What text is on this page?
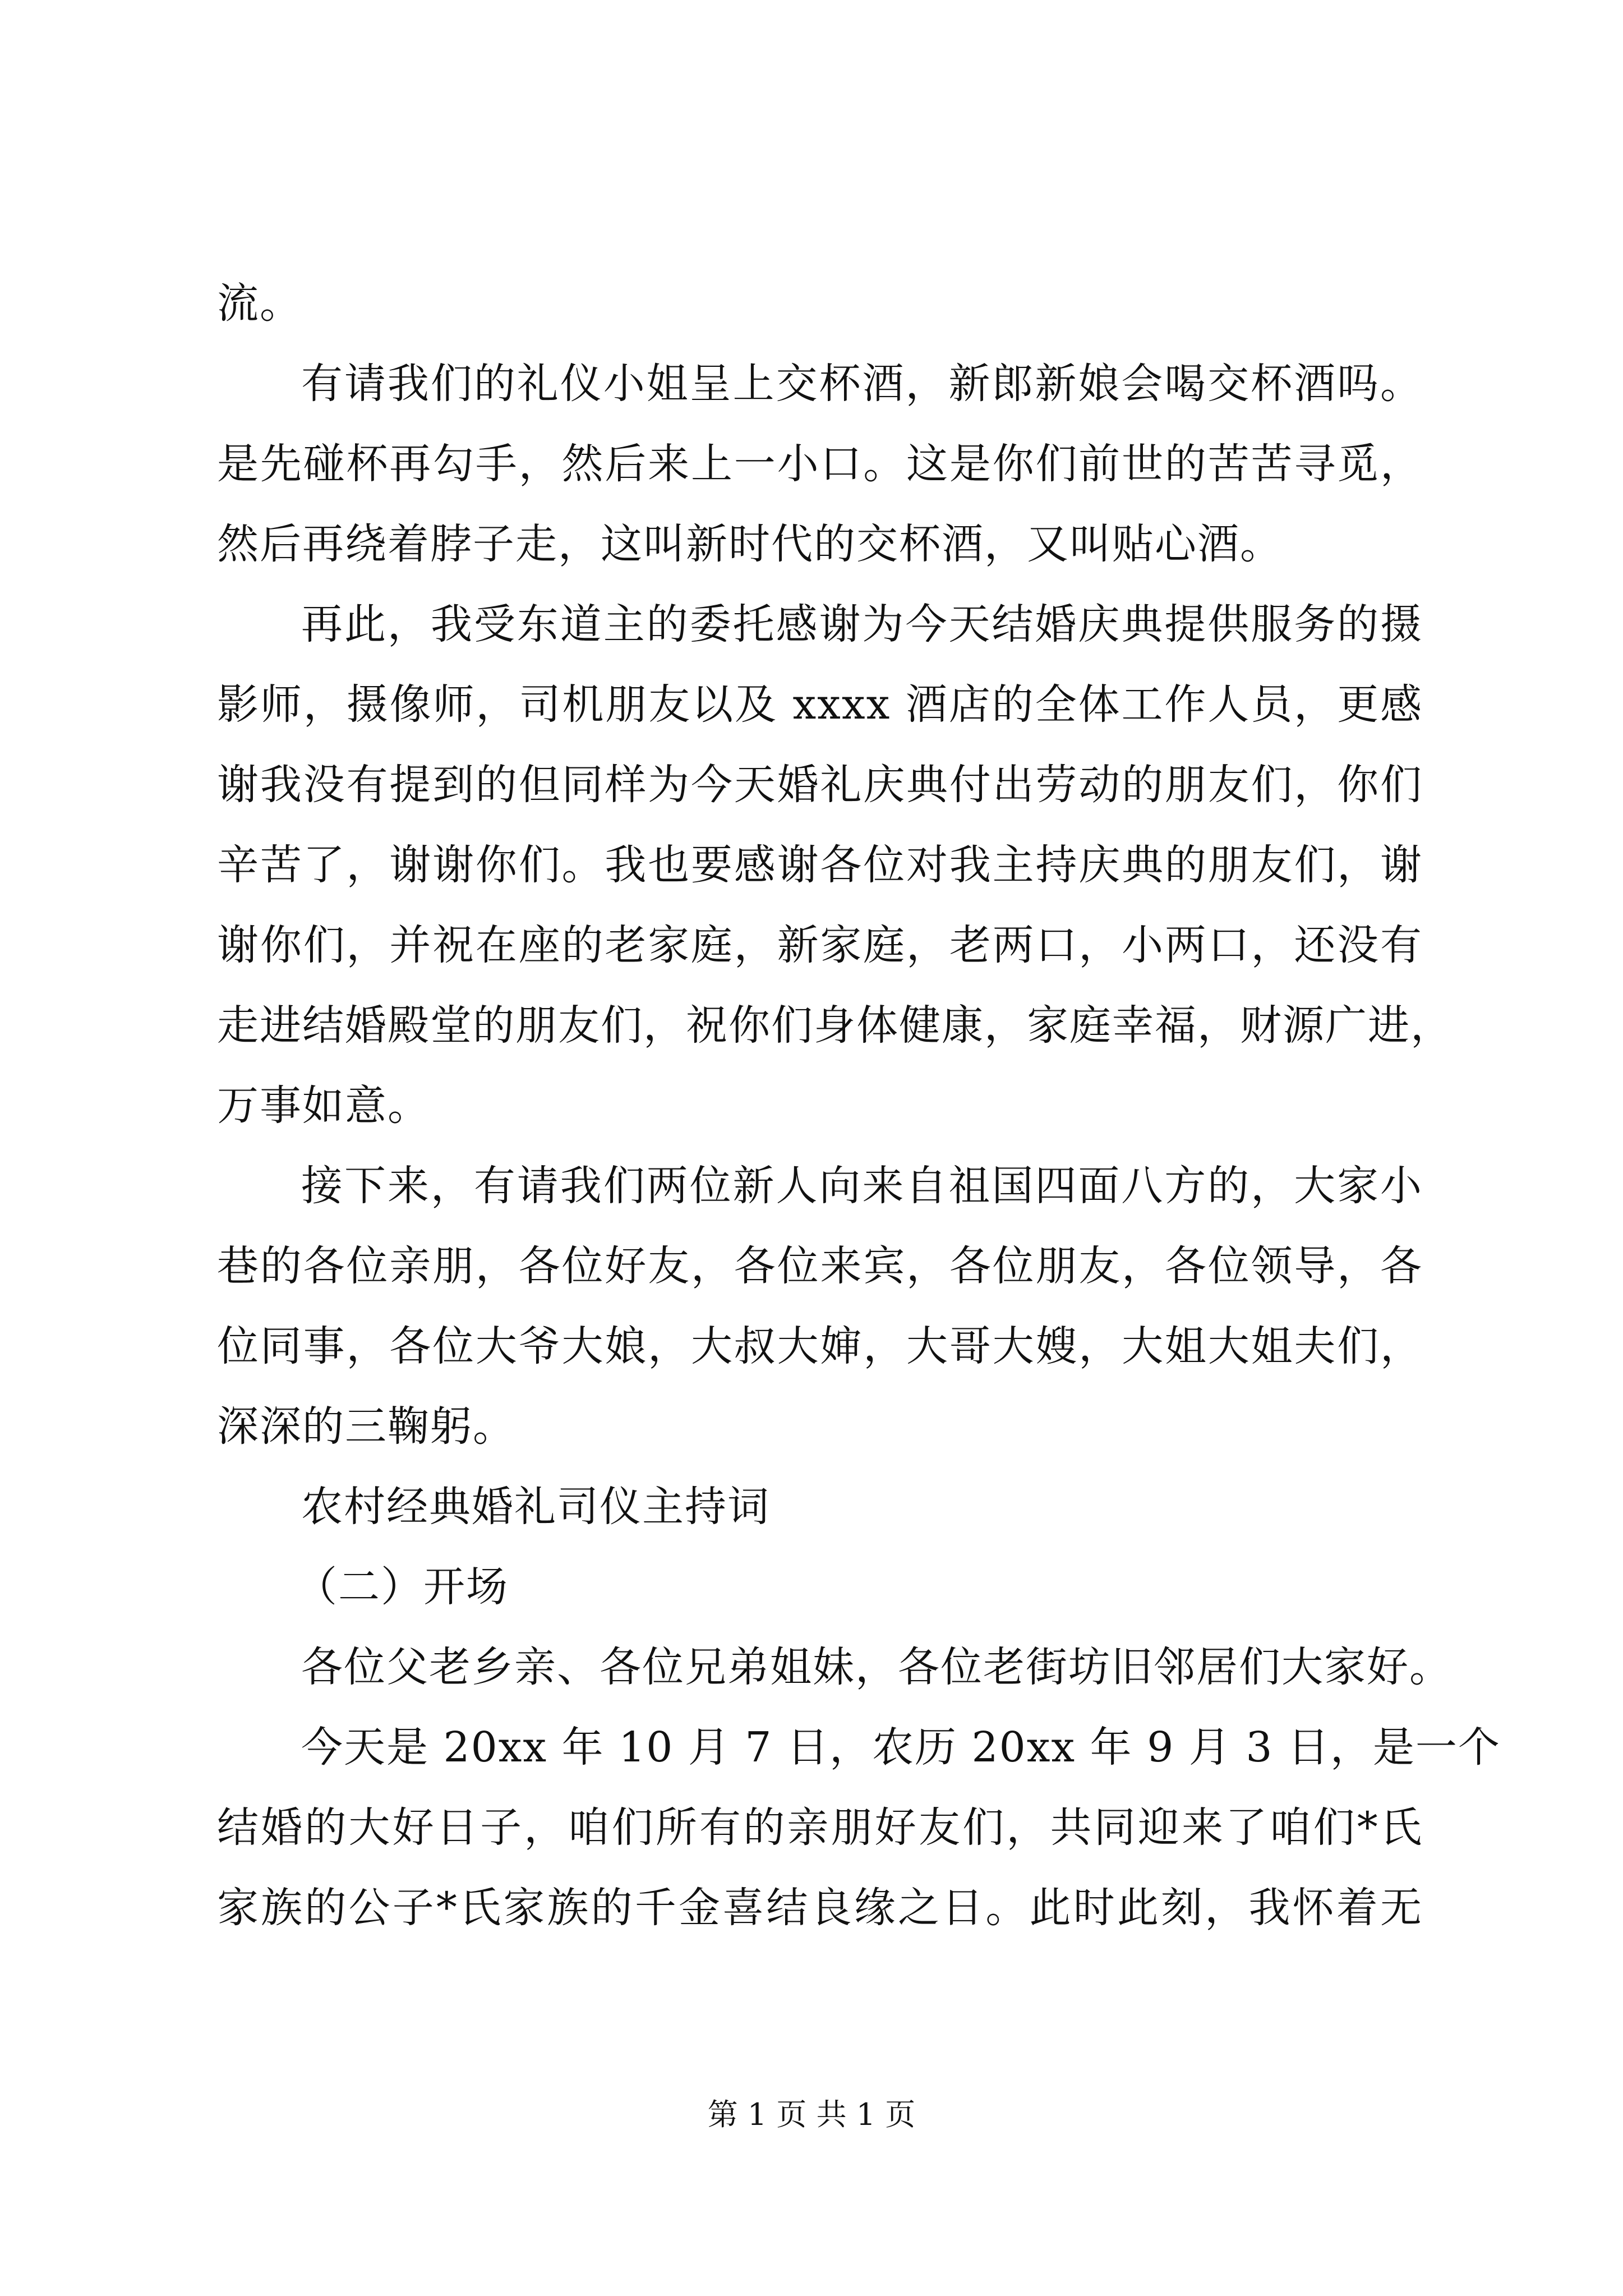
流。
有请我们的礼仪小姐呈上交杯酒，新郎新娘会喝交杯酒吗。
是先碰杯再勾手，然后来上一小口。这是你们前世的苦苦寻觅，
然后再绕着脖子走，这叫新时代的交杯酒，又叫贴心酒。
再此，我受东道主的委托感谢为今天结婚庆典提供服务的摄
影师，摄像师，司机朋友以及 xxxx 酒店的全体工作人员，更感
谢我没有提到的但同样为今天婚礼庆典付出劳动的朋友们，你们
辛苦了，谢谢你们。我也要感谢各位对我主持庆典的朋友们，谢
谢你们，并祝在座的老家庭，新家庭，老两口，小两口，还没有
走进结婚殿堂的朋友们，祝你们身体健康，家庭幸福，财源广进，
万事如意。
接下来，有请我们两位新人向来自祖国四面八方的，大家小
巷的各位亲朋，各位好友，各位来宾，各位朋友，各位领导，各
位同事，各位大爷大娘，大叔大婶，大哥大嫂，大姐大姐夫们，
深深的三鞠躬。
农村经典婚礼司仪主持词
（二）开场
各位父老乡亲、各位兄弟姐妹，各位老街坊旧邻居们大家好。
今天是 20xx 年 10 月 7 日，农历 20xx 年 9 月 3 日，是一个
结婚的大好日子，咱们所有的亲朋好友们，共同迎来了咱们*氏
家族的公子*氏家族的千金喜结良缘之日。此时此刻，我怀着无
第 1 页 共 1 页
